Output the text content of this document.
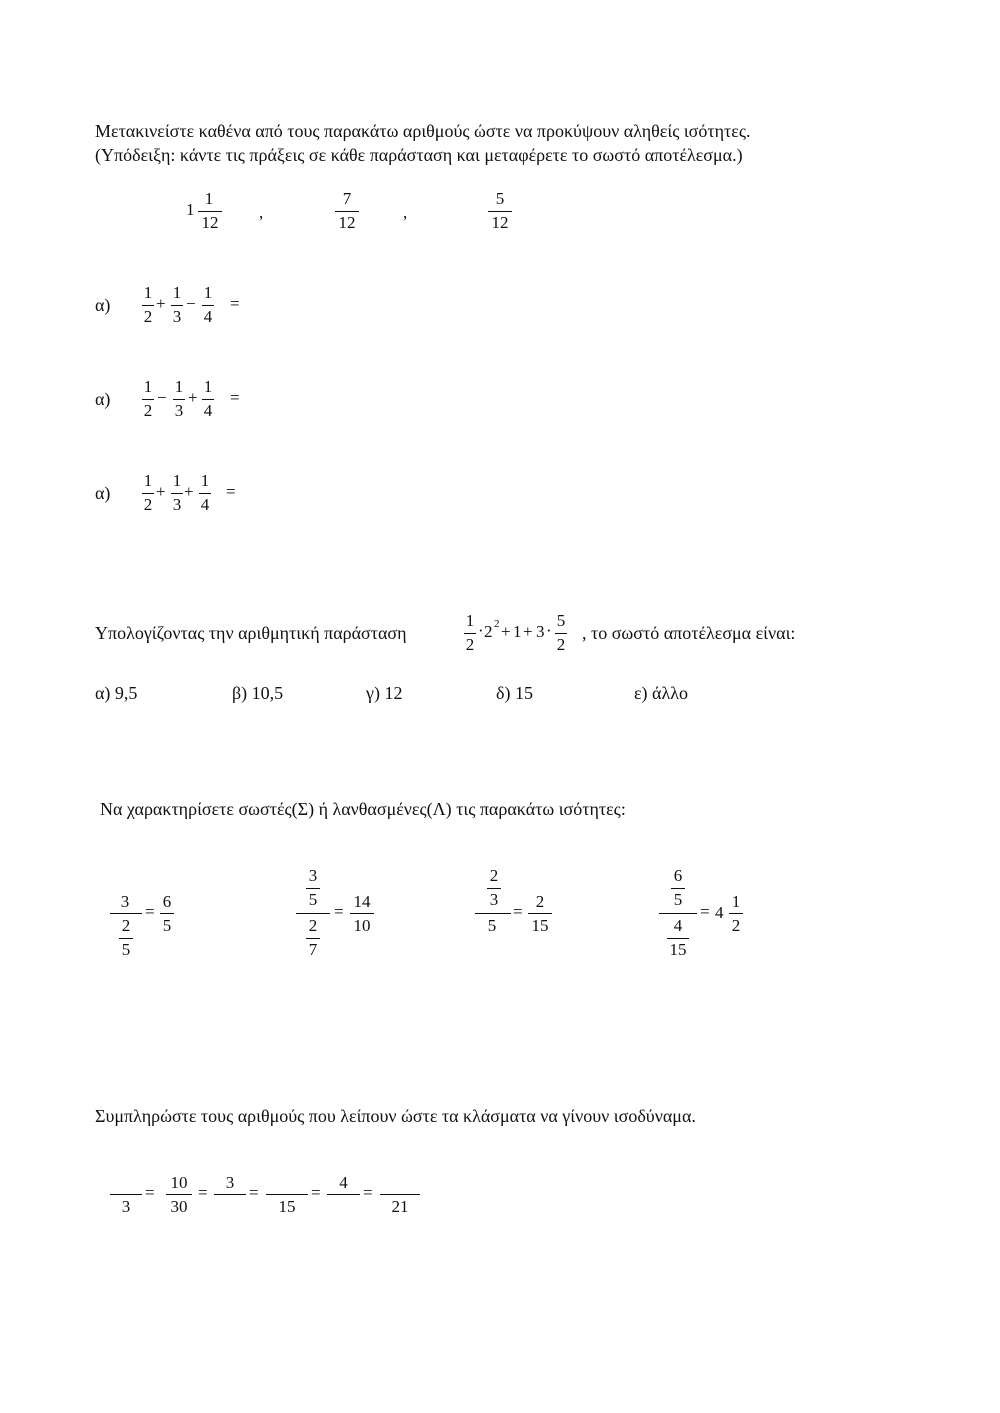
Μετακινείστε καθένα από τους παρακάτω αριθμούς ώστε να προκύψουν αληθείς ισότητες.
(Υπόδειξη: κάντε τις πράξεις σε κάθε παράσταση και μεταφέρετε το σωστό αποτέλεσμα.)
1
1
12
,
7
12
,
5
12
α)
1
2
+
1
3
−
1
4
=
α)
1
2
−
1
3
+
1
4
=
α)
1
2
+
1
3
+
1
4
=
Υπολογίζοντας την αριθμητική παράσταση
1
2
· 2 2 + 1 + 3 ·
5
2
, το σωστό αποτέλεσμα είναι:
α) 9,5	β) 10,5	γ) 12	δ) 15	ε) άλλο
Να χαρακτηρίσετε σωστές(Σ) ή λανθασμένες(Λ) τις παρακάτω ισότητες:
3
2
5
=
6
5
3
5
2
7
=
14
10
2
3
5
=
2
15
6
5
4
15
= 4
1
2
Συμπληρώστε τους αριθμούς που λείπουν ώστε τα κλάσματα να γίνουν ισοδύναμα.
3
=
10
30
=
3
=
15
=
4
=
21
